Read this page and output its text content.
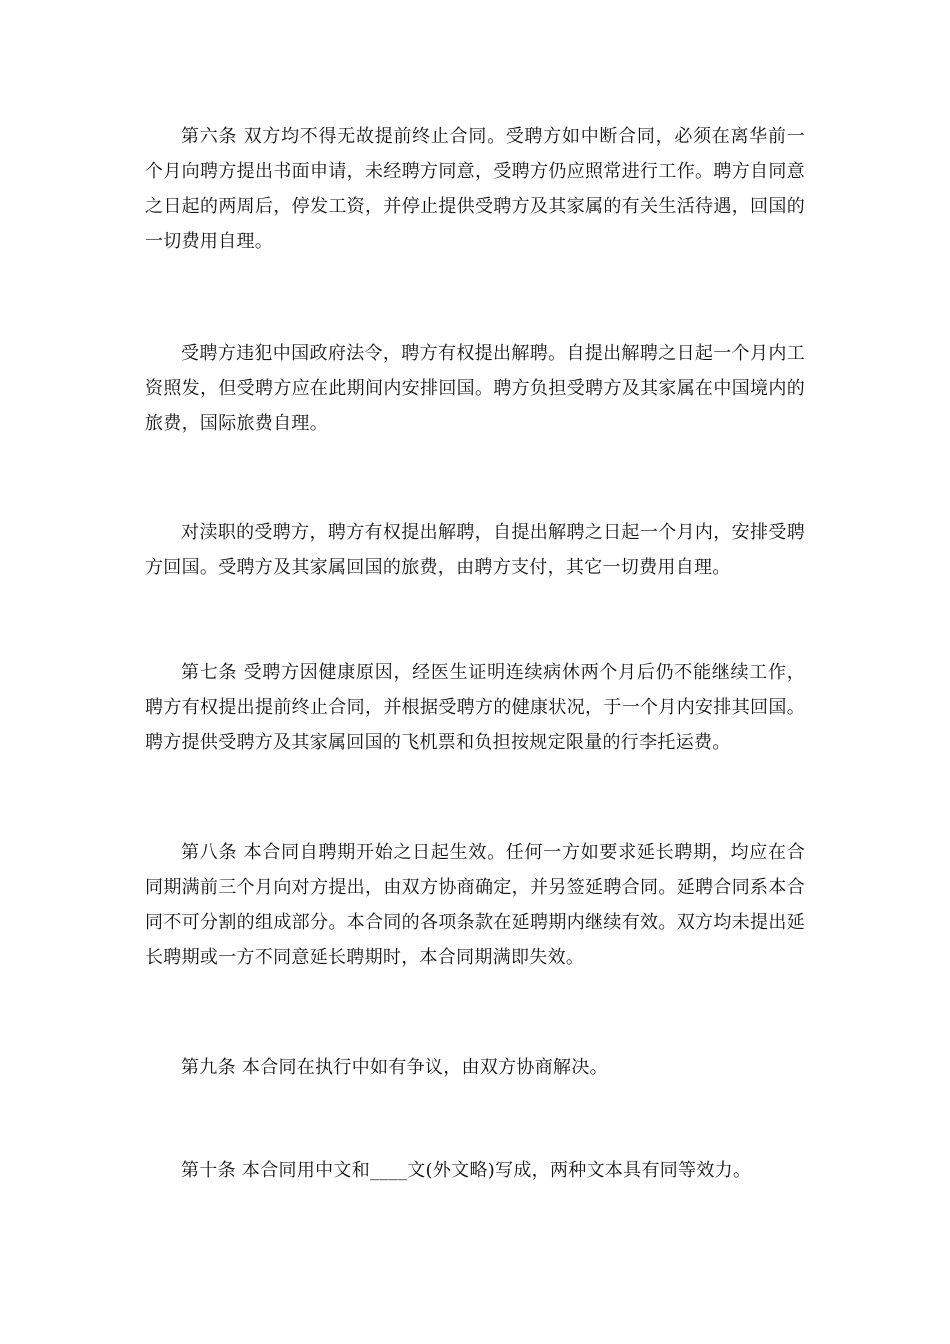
第六条 双方均不得无故提前终止合同。受聘方如中断合同，必须在离华前一个月向聘方提出书面申请，未经聘方同意，受聘方仍应照常进行工作。聘方自同意之日起的两周后，停发工资，并停止提供受聘方及其家属的有关生活待遇，回国的一切费用自理。

受聘方违犯中国政府法令，聘方有权提出解聘。自提出解聘之日起一个月内工资照发，但受聘方应在此期间内安排回国。聘方负担受聘方及其家属在中国境内的旅费，国际旅费自理。

对渎职的受聘方，聘方有权提出解聘，自提出解聘之日起一个月内，安排受聘方回国。受聘方及其家属回国的旅费，由聘方支付，其它一切费用自理。

第七条 受聘方因健康原因，经医生证明连续病休两个月后仍不能继续工作，聘方有权提出提前终止合同，并根据受聘方的健康状况，于一个月内安排其回国。聘方提供受聘方及其家属回国的飞机票和负担按规定限量的行李托运费。

第八条 本合同自聘期开始之日起生效。任何一方如要求延长聘期，均应在合同期满前三个月向对方提出，由双方协商确定，并另签延聘合同。延聘合同系本合同不可分割的组成部分。本合同的各项条款在延聘期内继续有效。双方均未提出延长聘期或一方不同意延长聘期时，本合同期满即失效。

第九条 本合同在执行中如有争议，由双方协商解决。

第十条 本合同用中文和____文(外文略)写成，两种文本具有同等效力。
